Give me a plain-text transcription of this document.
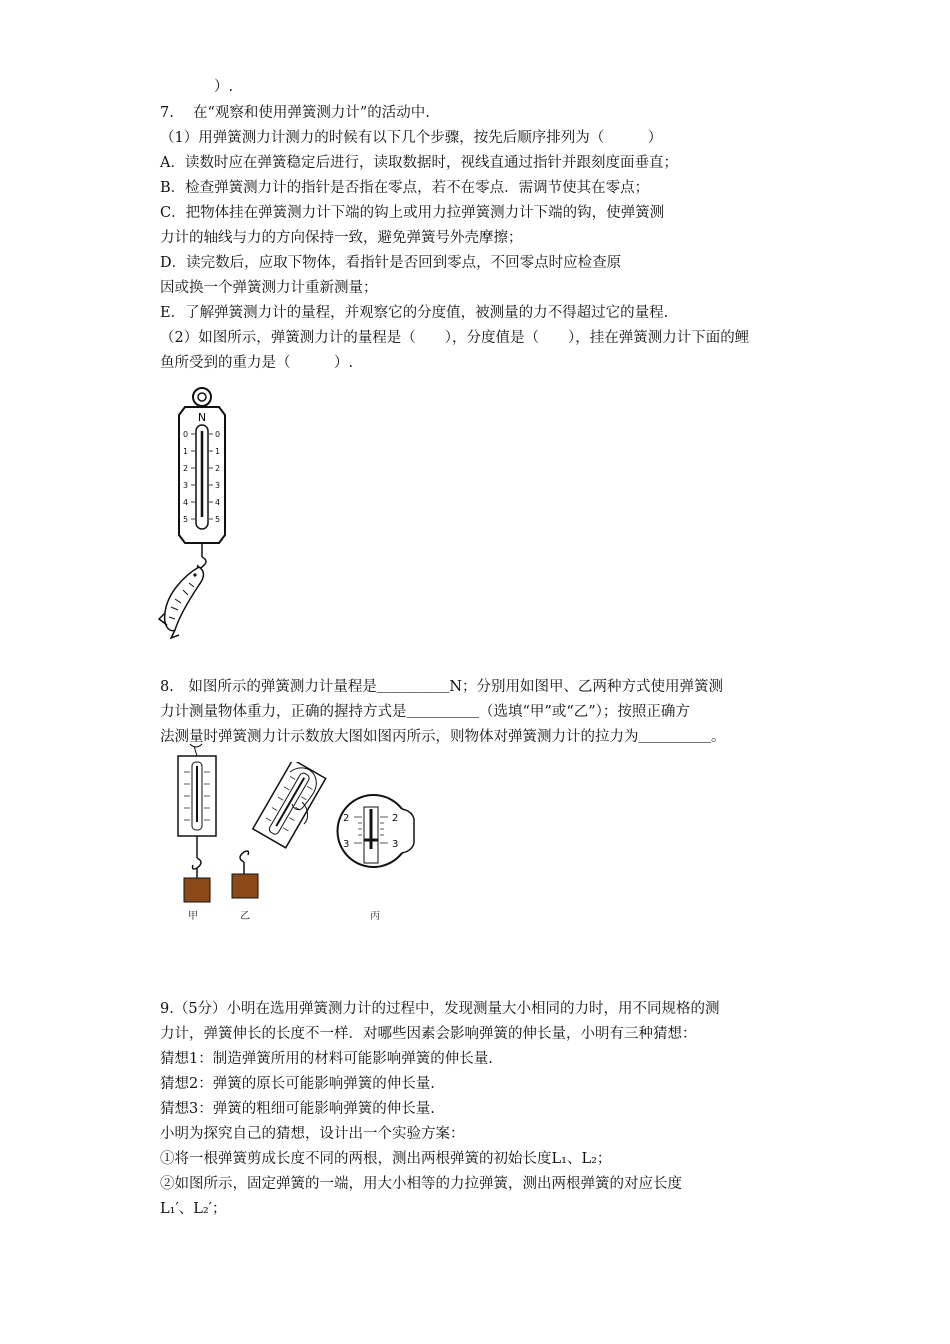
）.
7.　 在“观察和使用弹簧测力计”的活动中.
（1）用弹簧测力计测力的时候有以下几个步骤，按先后顺序排列为（　　　）
A．读数时应在弹簧稳定后进行，读取数据时，视线直通过指针并跟刻度面垂直；
B．检查弹簧测力计的指针是否指在零点，若不在零点．需调节使其在零点；
C．把物体挂在弹簧测力计下端的钩上或用力拉弹簧测力计下端的钩，使弹簧测
力计的轴线与力的方向保持一致，避免弹簧号外壳摩擦；
D．读完数后，应取下物体，看指针是否回到零点，不回零点时应检查原
因或换一个弹簧测力计重新测量；
E．了解弹簧测力计的量程，并观察它的分度值，被测量的力不得超过它的量程.
（2）如图所示，弹簧测力计的量程是（　　），分度值是（　　），挂在弹簧测力计下面的鲤
鱼所受到的重力是（　　　）.
N
0
1
2
3
4
5
0
1
2
3
4
5
8.　如图所示的弹簧测力计量程是＿＿＿＿＿N；分别用如图甲、乙两种方式使用弹簧测
力计测量物体重力，正确的握持方式是＿＿＿＿＿（选填“甲”或“乙”）；按照正确方
法测量时弹簧测力计示数放大图如图丙所示，则物体对弹簧测力计的拉力为＿＿＿＿＿。
甲	乙
2
3
2
3
丙
9.（5分）小明在选用弹簧测力计的过程中，发现测量大小相同的力时，用不同规格的测
力计，弹簧伸长的长度不一样．对哪些因素会影响弹簧的伸长量，小明有三种猜想：
猜想1：制造弹簧所用的材料可能影响弹簧的伸长量.
猜想2：弹簧的原长可能影响弹簧的伸长量.
猜想3：弹簧的粗细可能影响弹簧的伸长量.
小明为探究自己的猜想，设计出一个实验方案：
①将一根弹簧剪成长度不同的两根，测出两根弹簧的初始长度L₁、L₂；
②如图所示，固定弹簧的一端，用大小相等的力拉弹簧，测出两根弹簧的对应长度
L₁′、L₂′；
